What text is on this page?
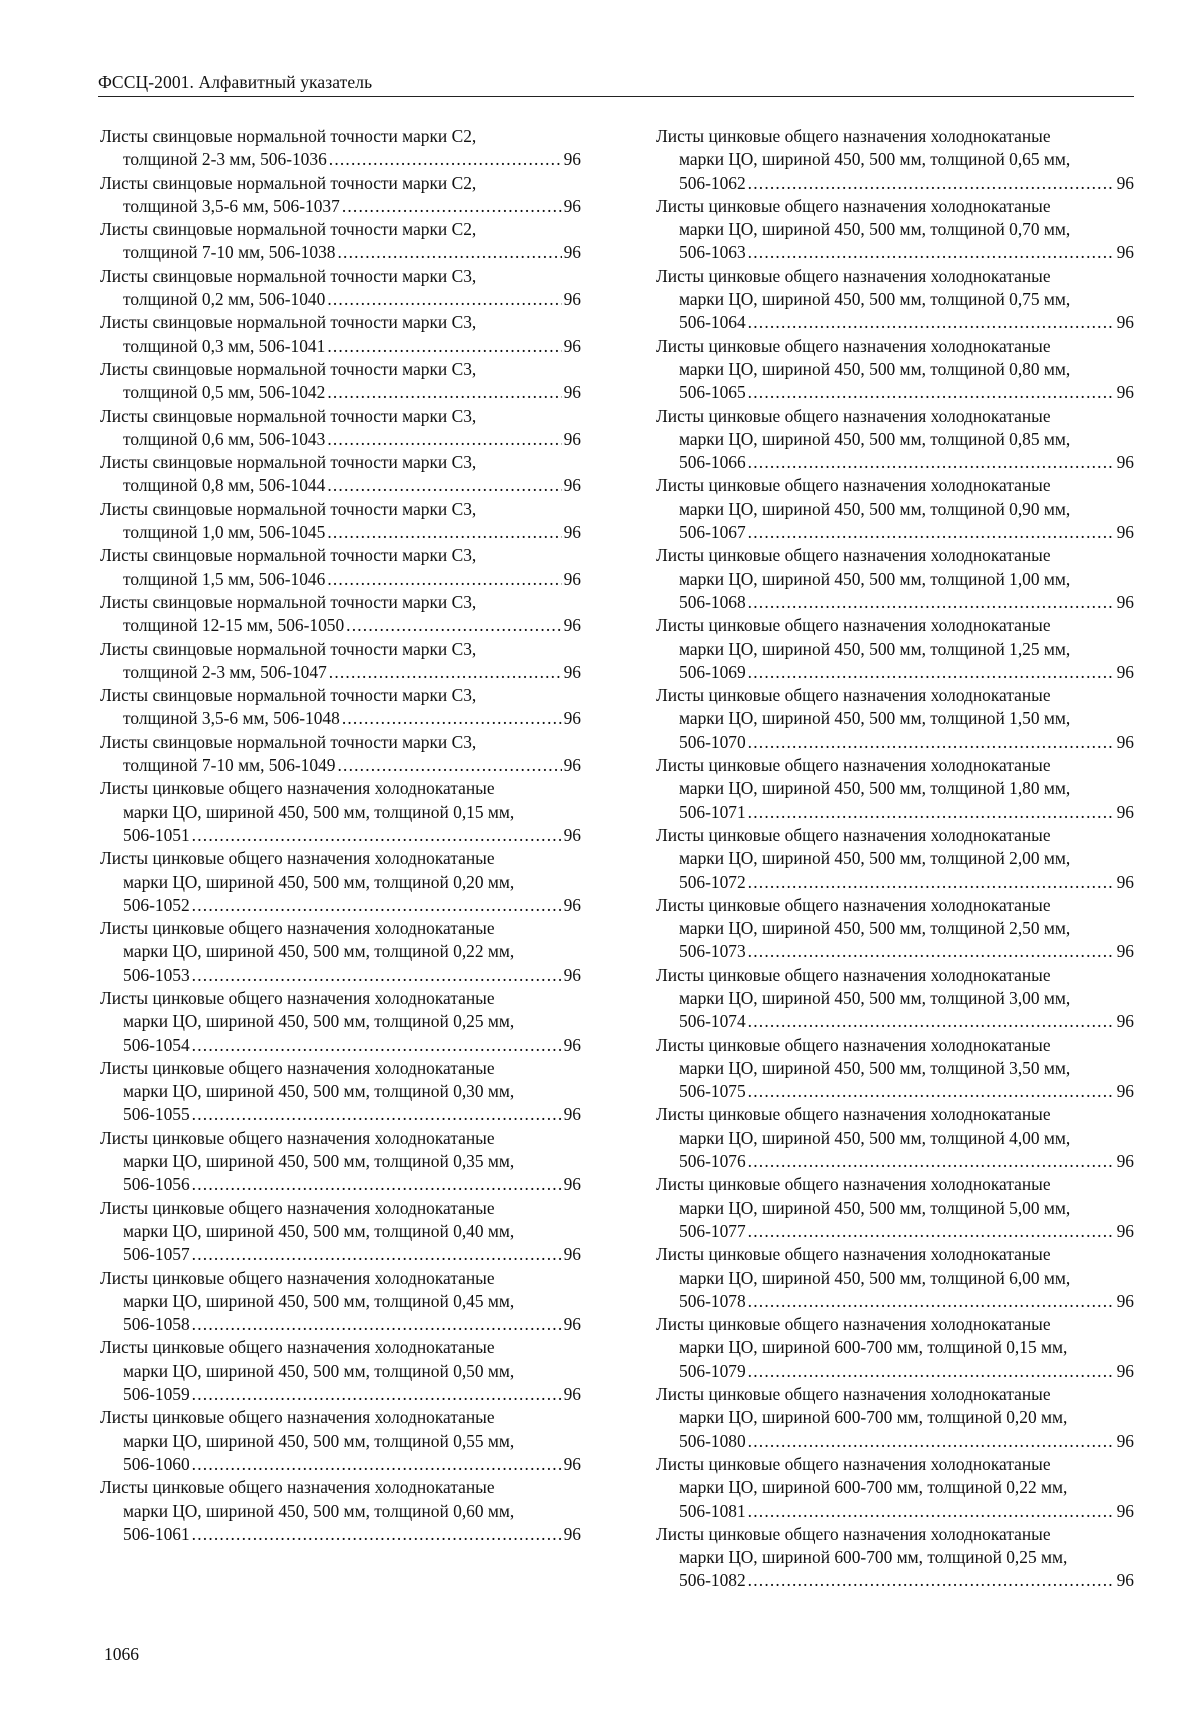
ФССЦ-2001. Алфавитный указатель
Листы свинцовые нормальной точности марки С2,
толщиной 2-3 мм, 506-1036 .....	96
Листы свинцовые нормальной точности марки С2,
толщиной 3,5-6 мм, 506-1037 .....	96
Листы свинцовые нормальной точности марки С2,
толщиной 7-10 мм, 506-1038 .....	96
Листы свинцовые нормальной точности марки С3,
толщиной 0,2 мм, 506-1040 .....	96
Листы свинцовые нормальной точности марки С3,
толщиной 0,3 мм, 506-1041 .....	96
Листы свинцовые нормальной точности марки С3,
толщиной 0,5 мм, 506-1042 .....	96
Листы свинцовые нормальной точности марки С3,
толщиной 0,6 мм, 506-1043 .....	96
Листы свинцовые нормальной точности марки С3,
толщиной 0,8 мм, 506-1044 .....	96
Листы свинцовые нормальной точности марки С3,
толщиной 1,0 мм, 506-1045 .....	96
Листы свинцовые нормальной точности марки С3,
толщиной 1,5 мм, 506-1046 .....	96
Листы свинцовые нормальной точности марки С3,
толщиной 12-15 мм, 506-1050 .....	96
Листы свинцовые нормальной точности марки С3,
толщиной 2-3 мм, 506-1047 .....	96
Листы свинцовые нормальной точности марки С3,
толщиной 3,5-6 мм, 506-1048 .....	96
Листы свинцовые нормальной точности марки С3,
толщиной 7-10 мм, 506-1049 .....	96
Листы цинковые общего назначения холоднокатаные
марки ЦО, шириной 450, 500 мм, толщиной 0,15 мм,
506-1051 .....	96
Листы цинковые общего назначения холоднокатаные
марки ЦО, шириной 450, 500 мм, толщиной 0,20 мм,
506-1052 .....	96
Листы цинковые общего назначения холоднокатаные
марки ЦО, шириной 450, 500 мм, толщиной 0,22 мм,
506-1053 .....	96
Листы цинковые общего назначения холоднокатаные
марки ЦО, шириной 450, 500 мм, толщиной 0,25 мм,
506-1054 .....	96
Листы цинковые общего назначения холоднокатаные
марки ЦО, шириной 450, 500 мм, толщиной 0,30 мм,
506-1055 .....	96
Листы цинковые общего назначения холоднокатаные
марки ЦО, шириной 450, 500 мм, толщиной 0,35 мм,
506-1056 .....	96
Листы цинковые общего назначения холоднокатаные
марки ЦО, шириной 450, 500 мм, толщиной 0,40 мм,
506-1057 .....	96
Листы цинковые общего назначения холоднокатаные
марки ЦО, шириной 450, 500 мм, толщиной 0,45 мм,
506-1058 .....	96
Листы цинковые общего назначения холоднокатаные
марки ЦО, шириной 450, 500 мм, толщиной 0,50 мм,
506-1059 .....	96
Листы цинковые общего назначения холоднокатаные
марки ЦО, шириной 450, 500 мм, толщиной 0,55 мм,
506-1060 .....	96
Листы цинковые общего назначения холоднокатаные
марки ЦО, шириной 450, 500 мм, толщиной 0,60 мм,
506-1061 .....	96
Листы цинковые общего назначения холоднокатаные
марки ЦО, шириной 450, 500 мм, толщиной 0,65 мм,
506-1062 .....	96
Листы цинковые общего назначения холоднокатаные
марки ЦО, шириной 450, 500 мм, толщиной 0,70 мм,
506-1063 .....	96
Листы цинковые общего назначения холоднокатаные
марки ЦО, шириной 450, 500 мм, толщиной 0,75 мм,
506-1064 .....	96
Листы цинковые общего назначения холоднокатаные
марки ЦО, шириной 450, 500 мм, толщиной 0,80 мм,
506-1065 .....	96
Листы цинковые общего назначения холоднокатаные
марки ЦО, шириной 450, 500 мм, толщиной 0,85 мм,
506-1066 .....	96
Листы цинковые общего назначения холоднокатаные
марки ЦО, шириной 450, 500 мм, толщиной 0,90 мм,
506-1067 .....	96
Листы цинковые общего назначения холоднокатаные
марки ЦО, шириной 450, 500 мм, толщиной 1,00 мм,
506-1068 .....	96
Листы цинковые общего назначения холоднокатаные
марки ЦО, шириной 450, 500 мм, толщиной 1,25 мм,
506-1069 .....	96
Листы цинковые общего назначения холоднокатаные
марки ЦО, шириной 450, 500 мм, толщиной 1,50 мм,
506-1070 .....	96
Листы цинковые общего назначения холоднокатаные
марки ЦО, шириной 450, 500 мм, толщиной 1,80 мм,
506-1071 .....	96
Листы цинковые общего назначения холоднокатаные
марки ЦО, шириной 450, 500 мм, толщиной 2,00 мм,
506-1072 .....	96
Листы цинковые общего назначения холоднокатаные
марки ЦО, шириной 450, 500 мм, толщиной 2,50 мм,
506-1073 .....	96
Листы цинковые общего назначения холоднокатаные
марки ЦО, шириной 450, 500 мм, толщиной 3,00 мм,
506-1074 .....	96
Листы цинковые общего назначения холоднокатаные
марки ЦО, шириной 450, 500 мм, толщиной 3,50 мм,
506-1075 .....	96
Листы цинковые общего назначения холоднокатаные
марки ЦО, шириной 450, 500 мм, толщиной 4,00 мм,
506-1076 .....	96
Листы цинковые общего назначения холоднокатаные
марки ЦО, шириной 450, 500 мм, толщиной 5,00 мм,
506-1077 .....	96
Листы цинковые общего назначения холоднокатаные
марки ЦО, шириной 450, 500 мм, толщиной 6,00 мм,
506-1078 .....	96
Листы цинковые общего назначения холоднокатаные
марки ЦО, шириной 600-700 мм, толщиной 0,15 мм,
506-1079 .....	96
Листы цинковые общего назначения холоднокатаные
марки ЦО, шириной 600-700 мм, толщиной 0,20 мм,
506-1080 .....	96
Листы цинковые общего назначения холоднокатаные
марки ЦО, шириной 600-700 мм, толщиной 0,22 мм,
506-1081 .....	96
Листы цинковые общего назначения холоднокатаные
марки ЦО, шириной 600-700 мм, толщиной 0,25 мм,
506-1082 .....	96
1066
